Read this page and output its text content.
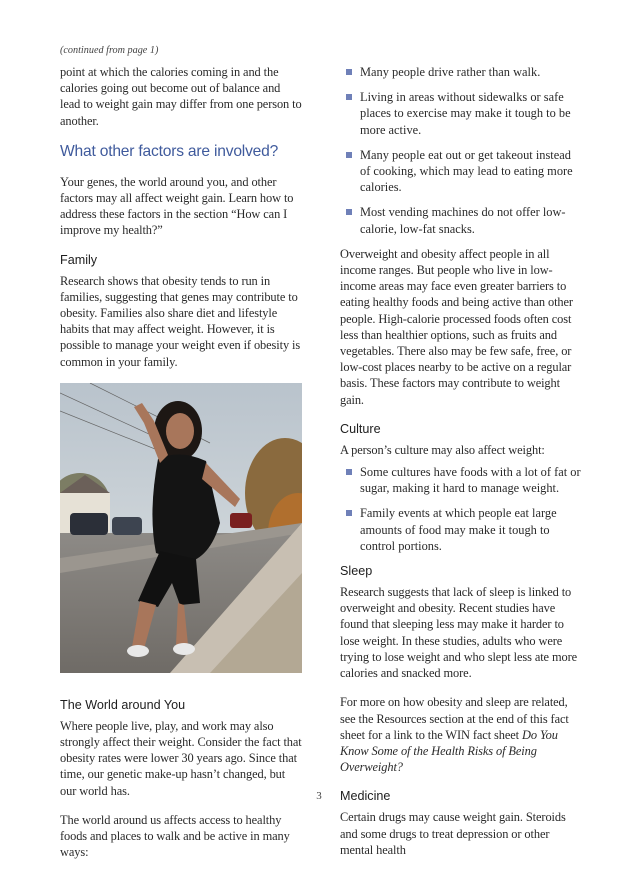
(continued from page 1)

point at which the calories coming in and the calories going out become out of balance and lead to weight gain may differ from one person to another.

What other factors are involved?

Your genes, the world around you, and other factors may all affect weight gain. Learn how to address these factors in the section “How can I improve my health?”

Family

Research shows that obesity tends to run in families, suggesting that genes may contribute to obesity. Families also share diet and lifestyle habits that may affect weight. However, it is possible to manage your weight even if obesity is common in your family.

The World around You

Where people live, play, and work may also strongly affect their weight. Consider the fact that obesity rates were lower 30 years ago. Since that time, our genetic make-up hasn’t changed, but our world has.

The world around us affects access to healthy foods and places to walk and be active in many ways:

Many people drive rather than walk.
Living in areas without sidewalks or safe places to exercise may make it tough to be more active.
Many people eat out or get takeout instead of cooking, which may lead to eating more calories.
Most vending machines do not offer low-calorie, low-fat snacks.

Overweight and obesity affect people in all income ranges. But people who live in low-income areas may face even greater barriers to eating healthy foods and being active than other people. High-calorie processed foods often cost less than healthier options, such as fruits and vegetables. There also may be few safe, free, or low-cost places nearby to be active on a regular basis. These factors may contribute to weight gain.

Culture

A person’s culture may also affect weight:

Some cultures have foods with a lot of fat or sugar, making it hard to manage weight.
Family events at which people eat large amounts of food may make it tough to control portions.
Sleep

Research suggests that lack of sleep is linked to overweight and obesity. Recent studies have found that sleeping less may make it harder to lose weight. In these studies, adults who were trying to lose weight and who slept less ate more calories and snacked more.

For more on how obesity and sleep are related, see the Resources section at the end of this fact sheet for a link to the WIN fact sheet Do You Know Some of the Health Risks of Being Overweight?

Medicine

Certain drugs may cause weight gain. Steroids and some drugs to treat depression or other mental health

3
